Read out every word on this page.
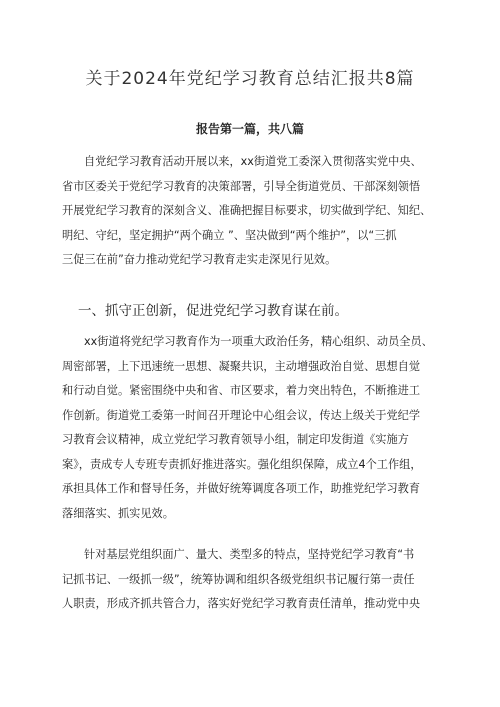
关于2024年党纪学习教育总结汇报共8篇
报告第一篇，共八篇
自党纪学习教育活动开展以来，xx街道党工委深入贯彻落实党中央、
省市区委关于党纪学习教育的决策部署，引导全街道党员、干部深刻领悟
开展党纪学习教育的深刻含义、准确把握目标要求，切实做到学纪、知纪、
明纪、守纪，坚定拥护“两个确立 ”、坚决做到“两个维护”，以“三抓
三促三在前”奋力推动党纪学习教育走实走深见行见效。
一、抓守正创新，促进党纪学习教育谋在前。
xx街道将党纪学习教育作为一项重大政治任务，精心组织、动员全员、
周密部署，上下迅速统一思想、凝聚共识，主动增强政治自觉、思想自觉
和行动自觉。紧密围绕中央和省、市区要求，着力突出特色，不断推进工
作创新。街道党工委第一时间召开理论中心组会议，传达上级关于党纪学
习教育会议精神，成立党纪学习教育领导小组，制定印发街道《实施方
案》，责成专人专班专责抓好推进落实。强化组织保障，成立4个工作组，
承担具体工作和督导任务，并做好统筹调度各项工作，助推党纪学习教育
落细落实、抓实见效。
针对基层党组织面广、量大、类型多的特点，坚持党纪学习教育“书
记抓书记、一级抓一级”，统筹协调和组织各级党组织书记履行第一责任
人职责，形成齐抓共管合力，落实好党纪学习教育责任清单，推动党中央
